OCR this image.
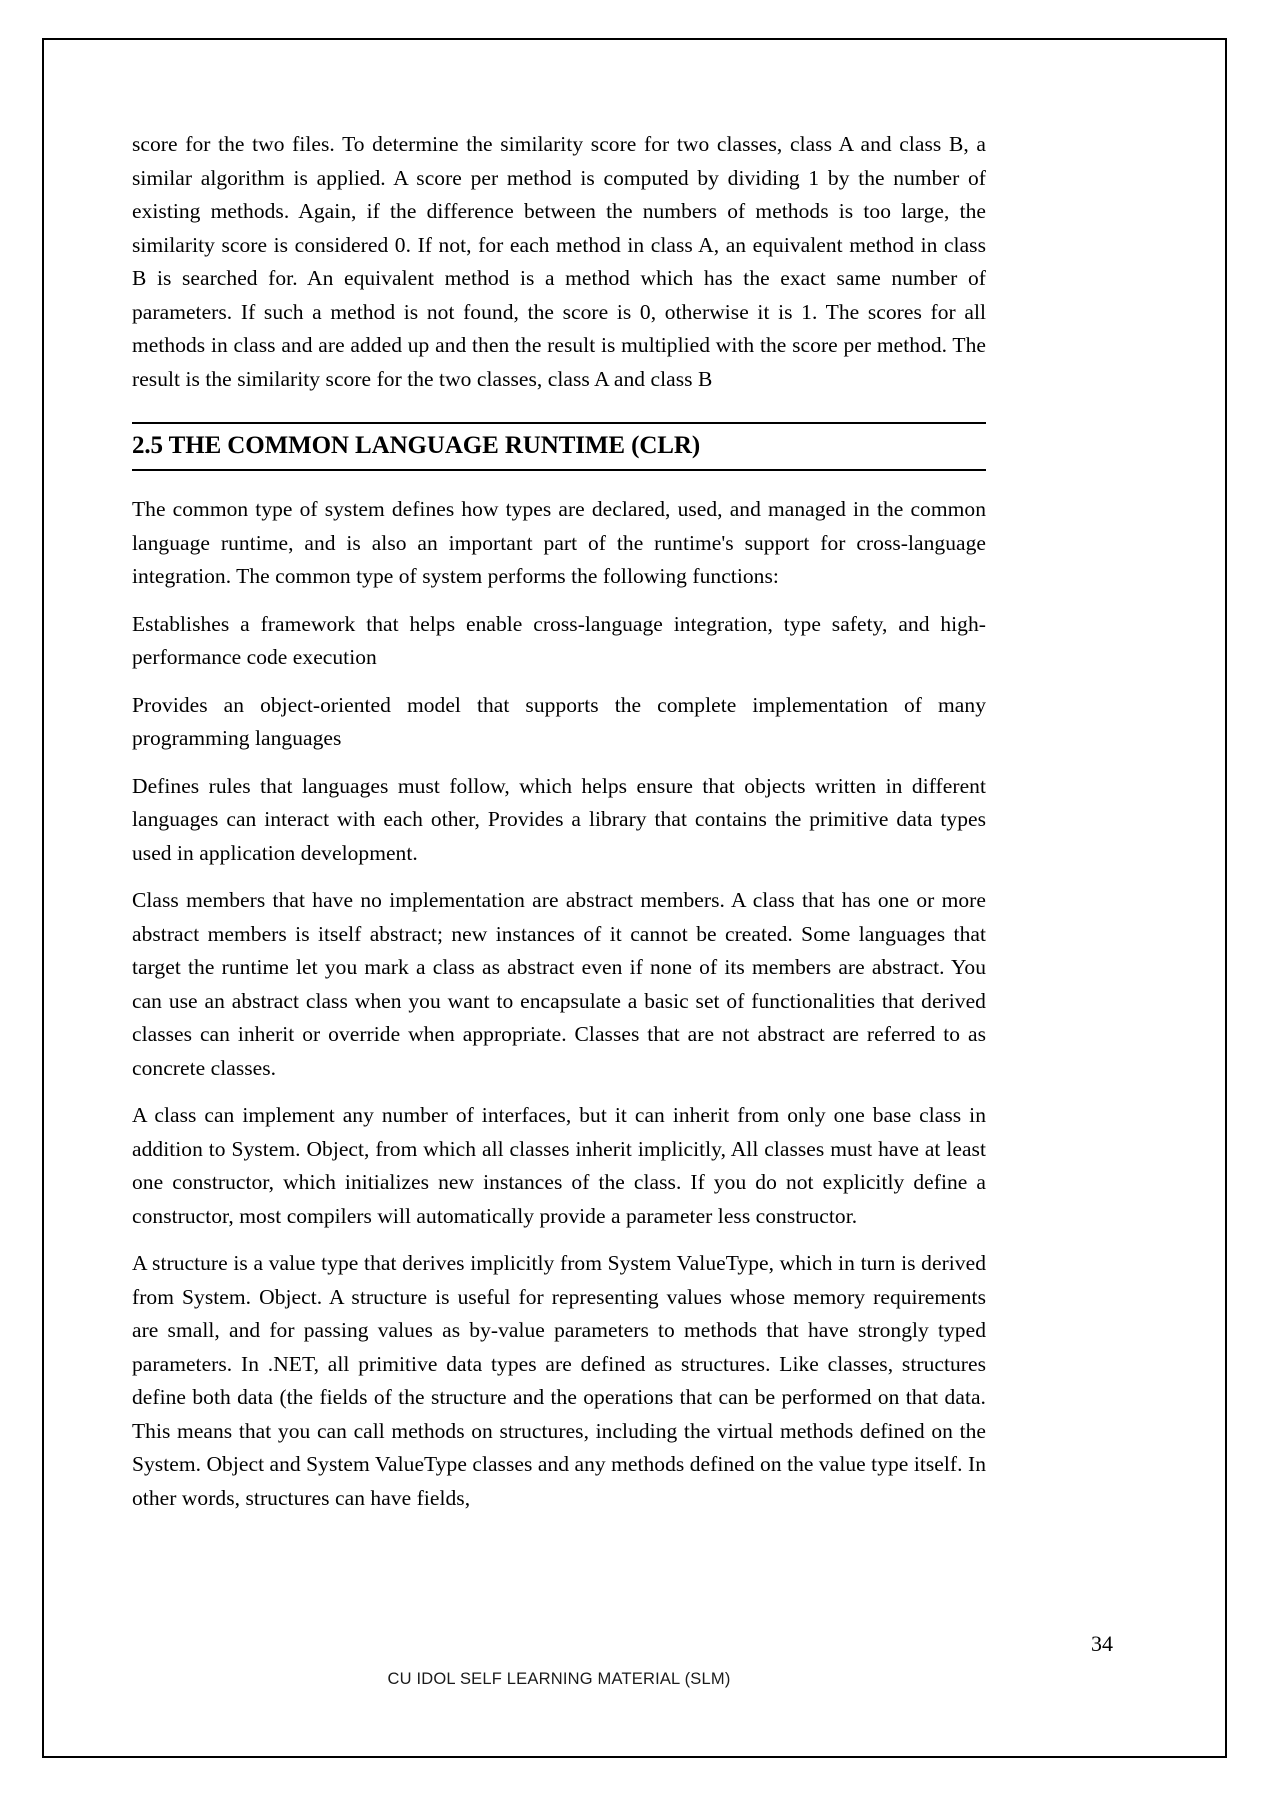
score for the two files. To determine the similarity score for two classes, class A and class B, a similar algorithm is applied. A score per method is computed by dividing 1 by the number of existing methods. Again, if the difference between the numbers of methods is too large, the similarity score is considered 0. If not, for each method in class A, an equivalent method in class B is searched for. An equivalent method is a method which has the exact same number of parameters. If such a method is not found, the score is 0, otherwise it is 1. The scores for all methods in class and are added up and then the result is multiplied with the score per method. The result is the similarity score for the two classes, class A and class B

2.5 THE COMMON LANGUAGE RUNTIME (CLR)

The common type of system defines how types are declared, used, and managed in the common language runtime, and is also an important part of the runtime's support for cross-language integration. The common type of system performs the following functions:

Establishes a framework that helps enable cross-language integration, type safety, and high-performance code execution

Provides an object-oriented model that supports the complete implementation of many programming languages

Defines rules that languages must follow, which helps ensure that objects written in different languages can interact with each other, Provides a library that contains the primitive data types used in application development.

Class members that have no implementation are abstract members. A class that has one or more abstract members is itself abstract; new instances of it cannot be created. Some languages that target the runtime let you mark a class as abstract even if none of its members are abstract. You can use an abstract class when you want to encapsulate a basic set of functionalities that derived classes can inherit or override when appropriate. Classes that are not abstract are referred to as concrete classes.

A class can implement any number of interfaces, but it can inherit from only one base class in addition to System. Object, from which all classes inherit implicitly, All classes must have at least one constructor, which initializes new instances of the class. If you do not explicitly define a constructor, most compilers will automatically provide a parameter less constructor.

A structure is a value type that derives implicitly from System ValueType, which in turn is derived from System. Object. A structure is useful for representing values whose memory requirements are small, and for passing values as by-value parameters to methods that have strongly typed parameters. In .NET, all primitive data types are defined as structures. Like classes, structures define both data (the fields of the structure and the operations that can be performed on that data. This means that you can call methods on structures, including the virtual methods defined on the System. Object and System ValueType classes and any methods defined on the value type itself. In other words, structures can have fields,

34
CU IDOL SELF LEARNING MATERIAL (SLM)
